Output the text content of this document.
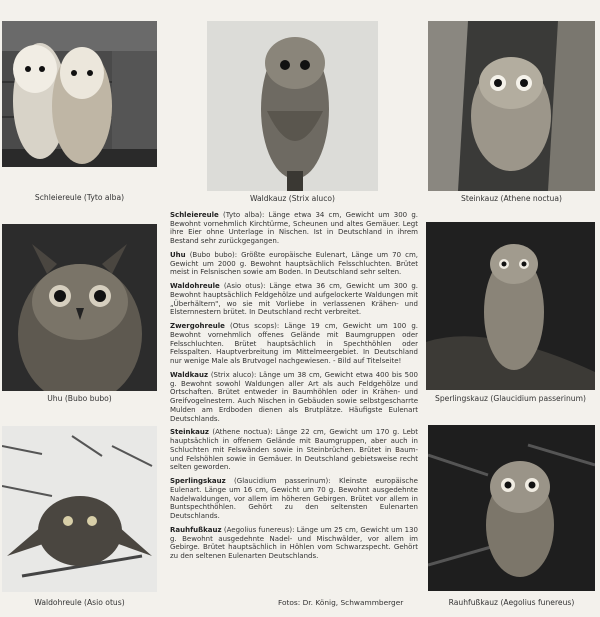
Schleiereule (Tyto alba)	Waldkauz (Strix aluco)	Steinkauz (Athene noctua)
Uhu (Bubo bubo)	Sperlingskauz (Glaucidium passerinum)
Waldohreule (Asio otus)	Rauhfußkauz (Aegolius funereus)

Schleiereule (Tyto alba): Länge etwa 34 cm, Gewicht um 300 g. Bewohnt vornehmlich Kirchtürme, Scheunen und altes Gemäuer. Legt ihre Eier ohne Unterlage in Nischen. Ist in Deutschland in ihrem Bestand sehr zurückgegangen.

Uhu (Bubo bubo): Größte europäische Eulenart, Länge um 70 cm, Gewicht um 2000 g. Bewohnt hauptsächlich Felsschluchten. Brütet meist in Felsnischen sowie am Boden. In Deutschland sehr selten.

Waldohreule (Asio otus): Länge etwa 36 cm, Gewicht um 300 g. Bewohnt hauptsächlich Feldgehölze und aufgelockerte Waldungen mit „Überhältern", wo sie mit Vorliebe in verlassenen Krähen- und Elsternnestern brütet. In Deutschland recht verbreitet.

Zwergohreule (Otus scops): Länge 19 cm, Gewicht um 100 g. Bewohnt vornehmlich offenes Gelände mit Baumgruppen oder Felsschluchten. Brütet hauptsächlich in Spechthöhlen oder Felsspalten. Hauptverbreitung im Mittelmeergebiet. In Deutschland nur wenige Male als Brutvogel nachgewiesen. - Bild auf Titelseite!

Waldkauz (Strix aluco): Länge um 38 cm, Gewicht etwa 400 bis 500 g. Bewohnt sowohl Waldungen aller Art als auch Feldgehölze und Ortschaften. Brütet entweder in Baumhöhlen oder in Krähen- und Greifvogelnestern. Auch Nischen in Gebäuden sowie selbstgescharrte Mulden am Erdboden dienen als Brutplätze. Häufigste Eulenart Deutschlands.

Steinkauz (Athene noctua): Länge 22 cm, Gewicht um 170 g. Lebt hauptsächlich in offenem Gelände mit Baumgruppen, aber auch in Schluchten mit Felswänden sowie in Steinbrüchen. Brütet in Baum- und Felshöhlen sowie in Gemäuer. In Deutschland gebietsweise recht selten geworden.

Sperlingskauz (Glaucidium passerinum): Kleinste europäische Eulenart. Länge um 16 cm, Gewicht um 70 g. Bewohnt ausgedehnte Nadelwaldungen, vor allem im höheren Gebirgen. Brütet vor allem in Buntspechthöhlen. Gehört zu den seltensten Eulenarten Deutschlands.

Rauhfußkauz (Aegolius funereus): Länge um 25 cm, Gewicht um 130 g. Bewohnt ausgedehnte Nadel- und Mischwälder, vor allem im Gebirge. Brütet hauptsächlich in Höhlen vom Schwarzspecht. Gehört zu den seltenen Eulenarten Deutschlands.

Fotos: Dr. König, Schwammberger
